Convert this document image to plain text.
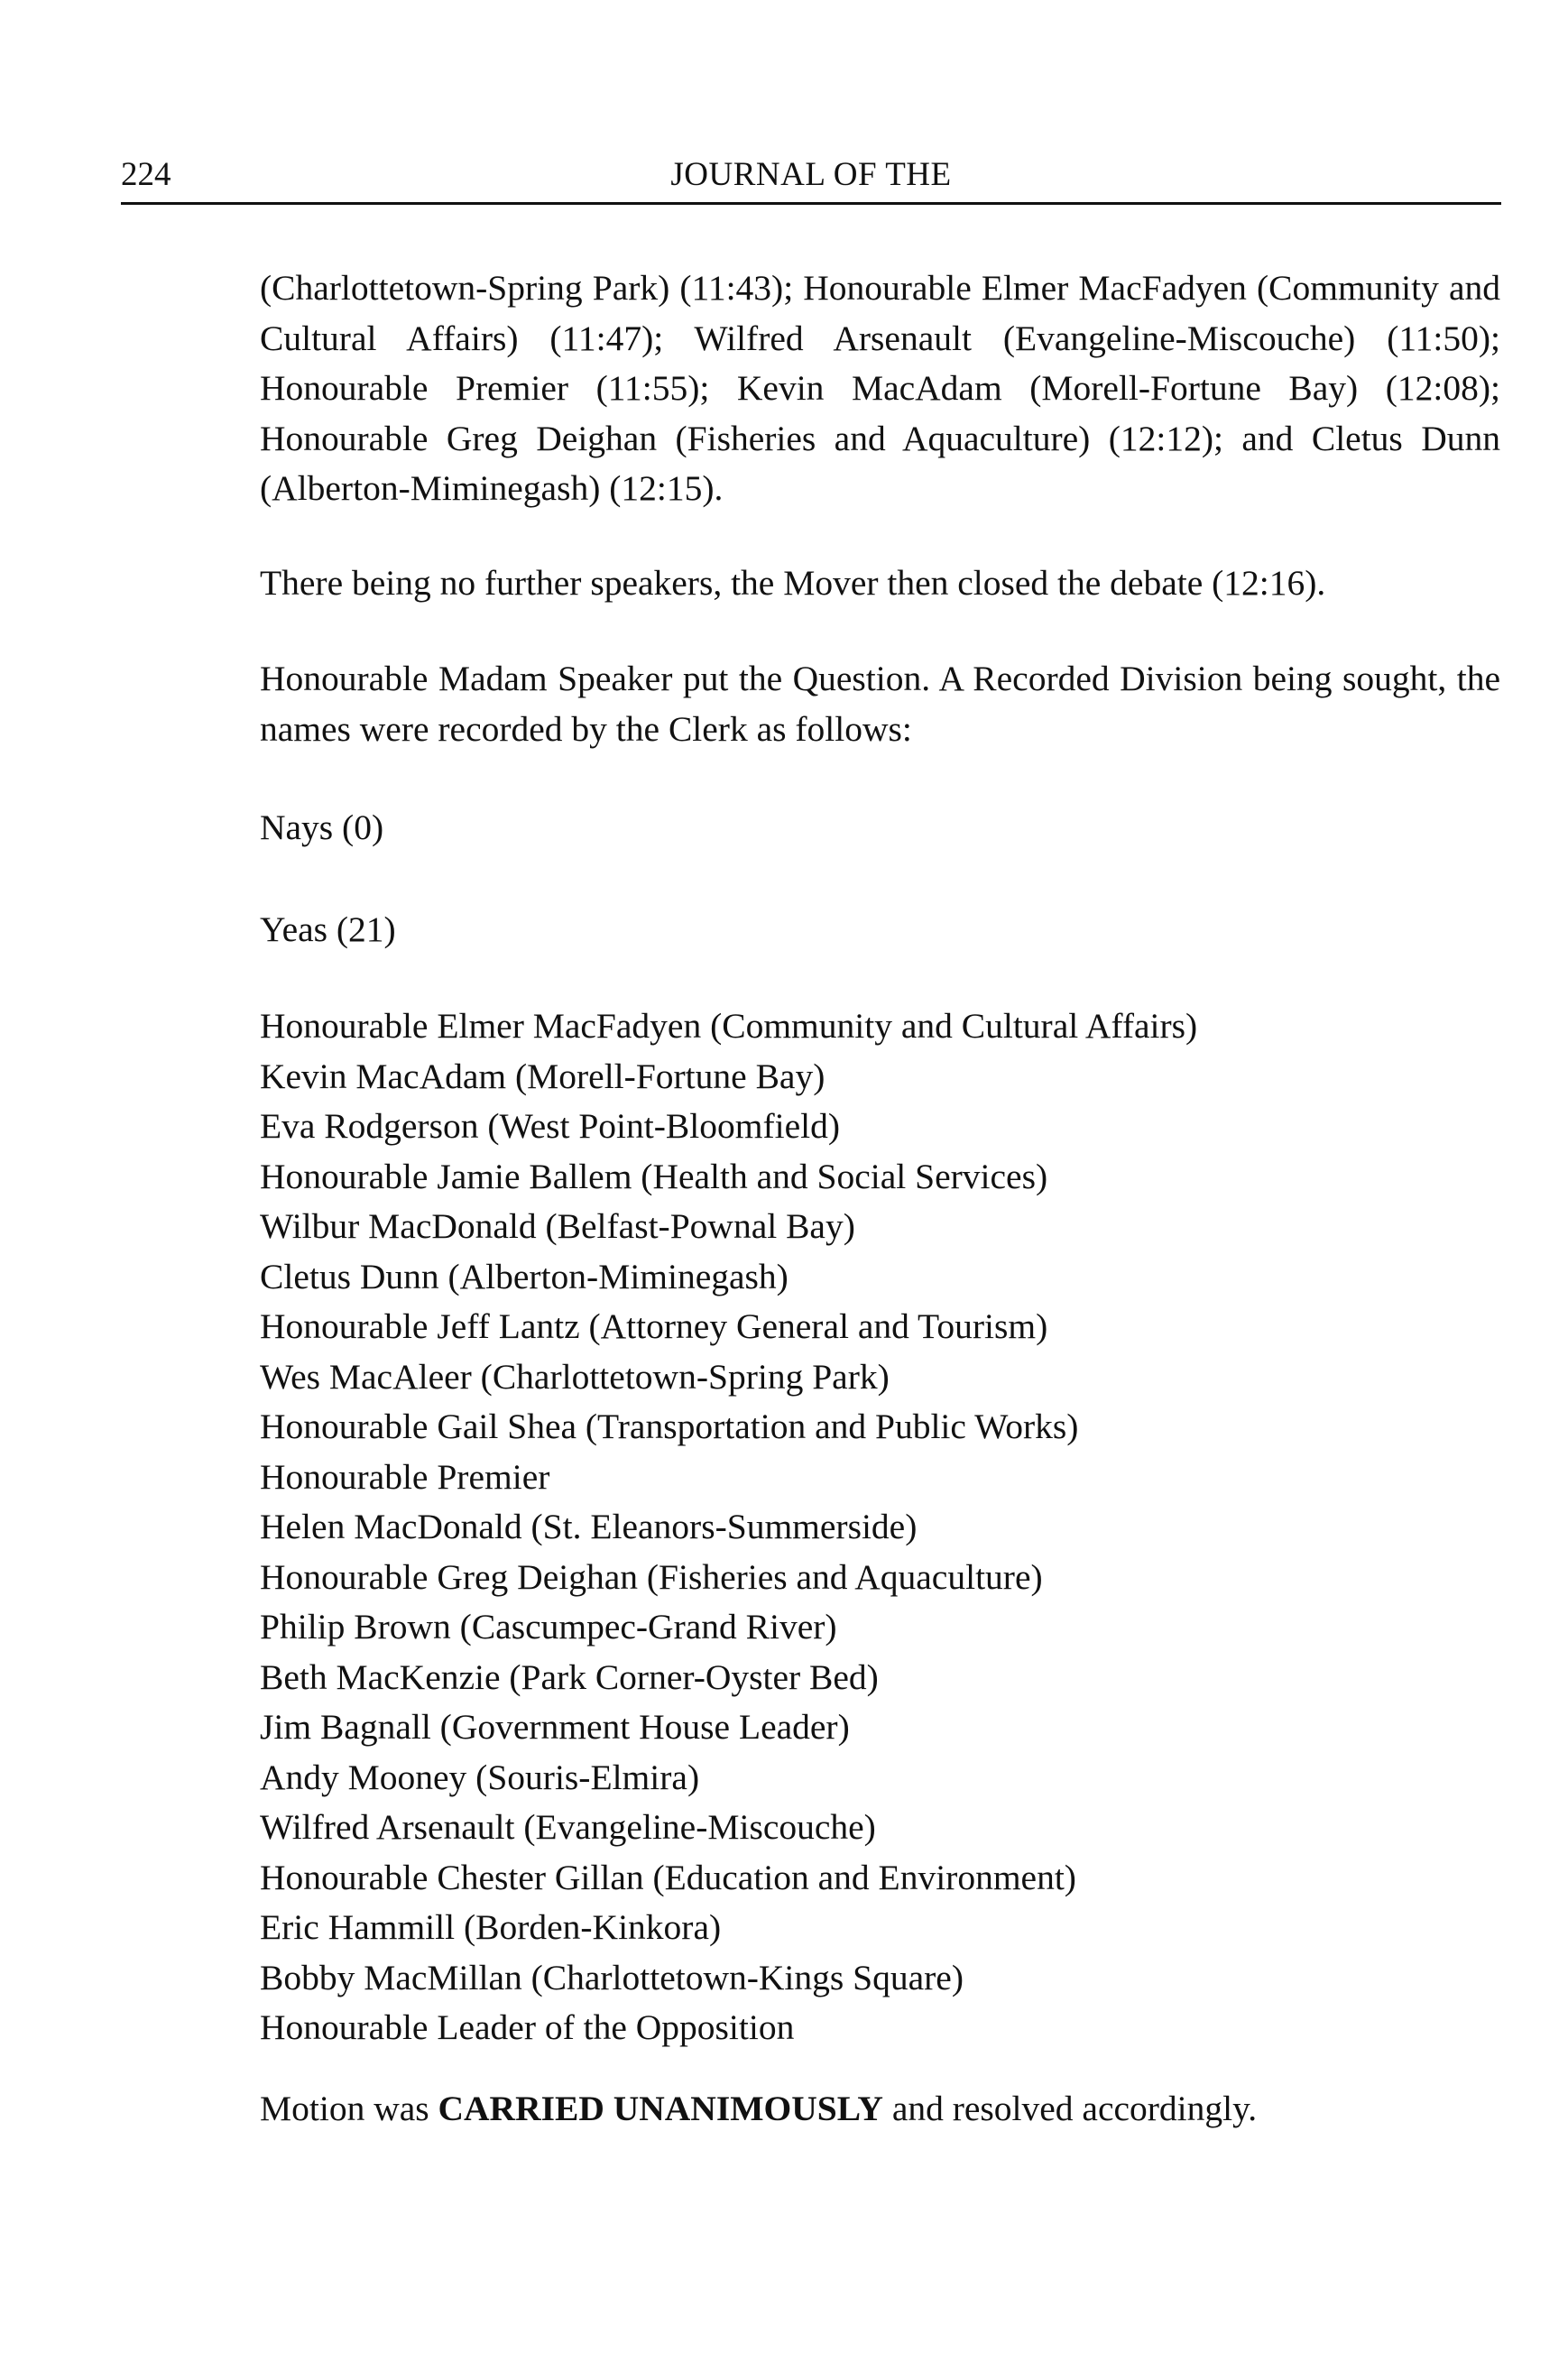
224	JOURNAL OF THE
(Charlottetown-Spring Park) (11:43); Honourable Elmer MacFadyen (Community and Cultural Affairs) (11:47); Wilfred Arsenault (Evangeline-Miscouche) (11:50); Honourable Premier (11:55); Kevin MacAdam (Morell-Fortune Bay) (12:08); Honourable Greg Deighan (Fisheries and Aquaculture) (12:12); and Cletus Dunn (Alberton-Miminegash) (12:15).
There being no further speakers, the Mover then closed the debate (12:16).
Honourable Madam Speaker put the Question. A Recorded Division being sought, the names were recorded by the Clerk as follows:
Nays (0)
Yeas (21)
Honourable Elmer MacFadyen (Community and Cultural Affairs)
Kevin MacAdam (Morell-Fortune Bay)
Eva Rodgerson (West Point-Bloomfield)
Honourable Jamie Ballem (Health and Social Services)
Wilbur MacDonald (Belfast-Pownal Bay)
Cletus Dunn (Alberton-Miminegash)
Honourable Jeff Lantz (Attorney General and Tourism)
Wes MacAleer (Charlottetown-Spring Park)
Honourable Gail Shea (Transportation and Public Works)
Honourable Premier
Helen MacDonald (St. Eleanors-Summerside)
Honourable Greg Deighan (Fisheries and Aquaculture)
Philip Brown (Cascumpec-Grand River)
Beth MacKenzie (Park Corner-Oyster Bed)
Jim Bagnall (Government House Leader)
Andy Mooney (Souris-Elmira)
Wilfred Arsenault (Evangeline-Miscouche)
Honourable Chester Gillan (Education and Environment)
Eric Hammill (Borden-Kinkora)
Bobby MacMillan (Charlottetown-Kings Square)
Honourable Leader of the Opposition
Motion was CARRIED UNANIMOUSLY and resolved accordingly.
